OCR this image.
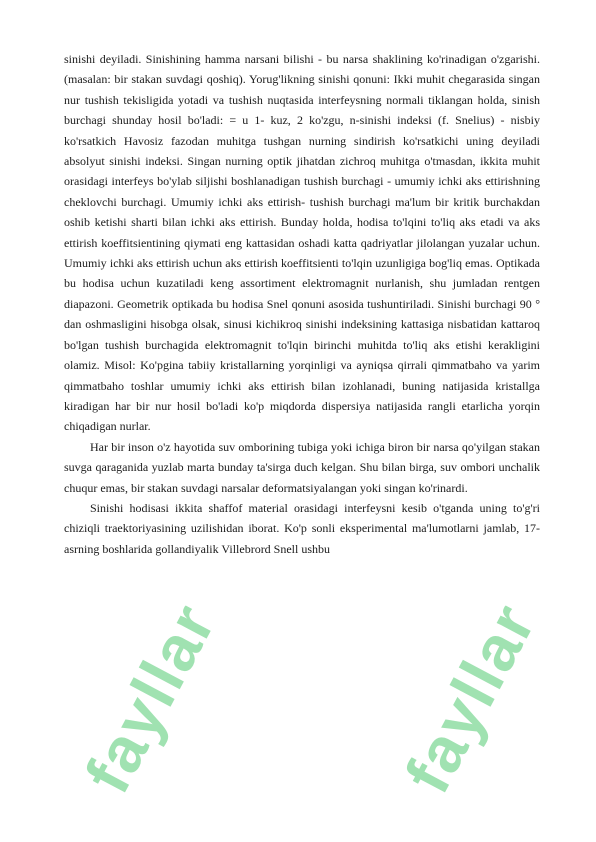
fayllar	fayllar

sinishi deyiladi. Sinishining hamma narsani bilishi - bu narsa shaklining ko'rinadigan o'zgarishi. (masalan: bir stakan suvdagi qoshiq). Yorug'likning sinishi qonuni: Ikki muhit chegarasida singan nur tushish tekisligida yotadi va tushish nuqtasida interfeysning normali tiklangan holda, sinish burchagi shunday hosil bo'ladi: = u 1- kuz, 2 ko'zgu, n-sinishi indeksi (f. Snelius) - nisbiy ko'rsatkich Havosiz fazodan muhitga tushgan nurning sindirish ko'rsatkichi uning deyiladi absolyut sinishi indeksi. Singan nurning optik jihatdan zichroq muhitga o'tmasdan, ikkita muhit orasidagi interfeys bo'ylab siljishi boshlanadigan tushish burchagi - umumiy ichki aks ettirishning cheklovchi burchagi. Umumiy ichki aks ettirish- tushish burchagi ma'lum bir kritik burchakdan oshib ketishi sharti bilan ichki aks ettirish. Bunday holda, hodisa to'lqini to'liq aks etadi va aks ettirish koeffitsientining qiymati eng kattasidan oshadi katta qadriyatlar jilolangan yuzalar uchun. Umumiy ichki aks ettirish uchun aks ettirish koeffitsienti to'lqin uzunligiga bog'liq emas. Optikada bu hodisa uchun kuzatiladi keng assortiment elektromagnit nurlanish, shu jumladan rentgen diapazoni. Geometrik optikada bu hodisa Snel qonuni asosida tushuntiriladi. Sinishi burchagi 90 ° dan oshmasligini hisobga olsak, sinusi kichikroq sinishi indeksining kattasiga nisbatidan kattaroq bo'lgan tushish burchagida elektromagnit to'lqin birinchi muhitda to'liq aks etishi kerakligini olamiz. Misol: Ko'pgina tabiiy kristallarning yorqinligi va ayniqsa qirrali qimmatbaho va yarim qimmatbaho toshlar umumiy ichki aks ettirish bilan izohlanadi, buning natijasida kristallga kiradigan har bir nur hosil bo'ladi ko'p miqdorda dispersiya natijasida rangli etarlicha yorqin chiqadigan nurlar.

Har bir inson o'z hayotida suv omborining tubiga yoki ichiga biron bir narsa qo'yilgan stakan suvga qaraganida yuzlab marta bunday ta'sirga duch kelgan. Shu bilan birga, suv ombori unchalik chuqur emas, bir stakan suvdagi narsalar deformatsiyalangan yoki singan ko'rinardi.

Sinishi hodisasi ikkita shaffof material orasidagi interfeysni kesib o'tganda uning to'g'ri chiziqli traektoriyasining uzilishidan iborat. Ko'p sonli eksperimental ma'lumotlarni jamlab, 17-asrning boshlarida gollandiyalik Villebrord Snell ushbu
